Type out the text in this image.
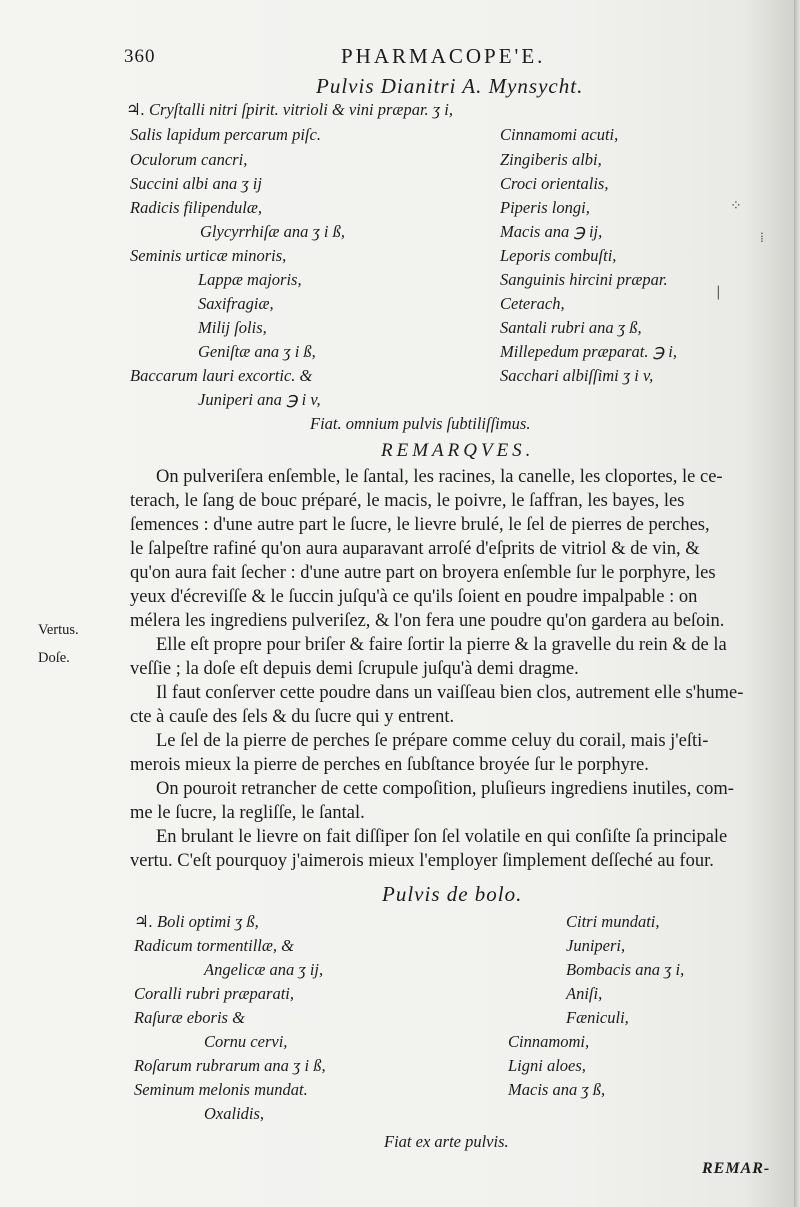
360	PHARMACOPE'E.
Pulvis Dianitri A. Mynsycht.
♃. Cryſtalli nitri ſpirit. vitrioli & vini præpar. ʒ i,
Salis lapidum percarum piſc.
Oculorum cancri,
Succini albi ana ʒ ij
Radicis filipendulæ,
Glycyrrhiſæ ana ʒ i ß,
Seminis urticæ minoris,
Lappæ majoris,
Saxifragiæ,
Milij ſolis,
Geniſtæ ana ʒ i ß,
Baccarum lauri excortic. &
Juniperi ana ℈ i v,
Cinnamomi acuti,
Zingiberis albi,
Croci orientalis,
Piperis longi,
Macis ana ℈ ij,
Leporis combuſti,
Sanguinis hircini præpar.
Ceterach,
Santali rubri ana ʒ ß,
Millepedum præparat. ℈ i,
Sacchari albiſſimi ʒ i v,
Fiat. omnium pulvis ſubtiliſſimus.
REMARQVES.
On pulveriſera enſemble, le ſantal, les racines, la canelle, les cloportes, le ce-
terach, le ſang de bouc préparé, le macis, le poivre, le ſaffran, les bayes, les
ſemences : d'une autre part le ſucre, le lievre brulé, le ſel de pierres de perches,
le ſalpeſtre rafiné qu'on aura auparavant arroſé d'eſprits de vitriol & de vin, &
qu'on aura fait ſecher : d'une autre part on broyera enſemble ſur le porphyre, les
yeux d'écreviſſe & le ſuccin juſqu'à ce qu'ils ſoient en poudre impalpable : on
mélera les ingrediens pulveriſez, & l'on fera une poudre qu'on gardera au beſoin.
Elle eſt propre pour briſer & faire ſortir la pierre & la gravelle du rein & de la
veſſie ; la doſe eſt depuis demi ſcrupule juſqu'à demi dragme.
Il faut conſerver cette poudre dans un vaiſſeau bien clos, autrement elle s'hume-
cte à cauſe des ſels & du ſucre qui y entrent.
Le ſel de la pierre de perches ſe prépare comme celuy du corail, mais j'eſti-
merois mieux la pierre de perches en ſubſtance broyée ſur le porphyre.
On pouroit retrancher de cette compoſition, pluſieurs ingrediens inutiles, com-
me le ſucre, la regliſſe, le ſantal.
En brulant le lievre on fait diſſiper ſon ſel volatile en qui conſiſte ſa principale
vertu. C'eſt pourquoy j'aimerois mieux l'employer ſimplement deſſeché au four.
Vertus.
Doſe.
Pulvis de bolo.
♃. Boli optimi ʒ ß,
Radicum tormentillæ, &
Angelicæ ana ʒ ij,
Coralli rubri præparati,
Raſuræ eboris &
Cornu cervi,
Roſarum rubrarum ana ʒ i ß,
Seminum melonis mundat.
Oxalidis,
Citri mundati,
Juniperi,
Bombacis ana ʒ i,
Aniſi,
Fæniculi,
Cinnamomi,
Ligni aloes,
Macis ana ʒ ß,
Fiat ex arte pulvis.
REMAR-
⁘
⁞
|
